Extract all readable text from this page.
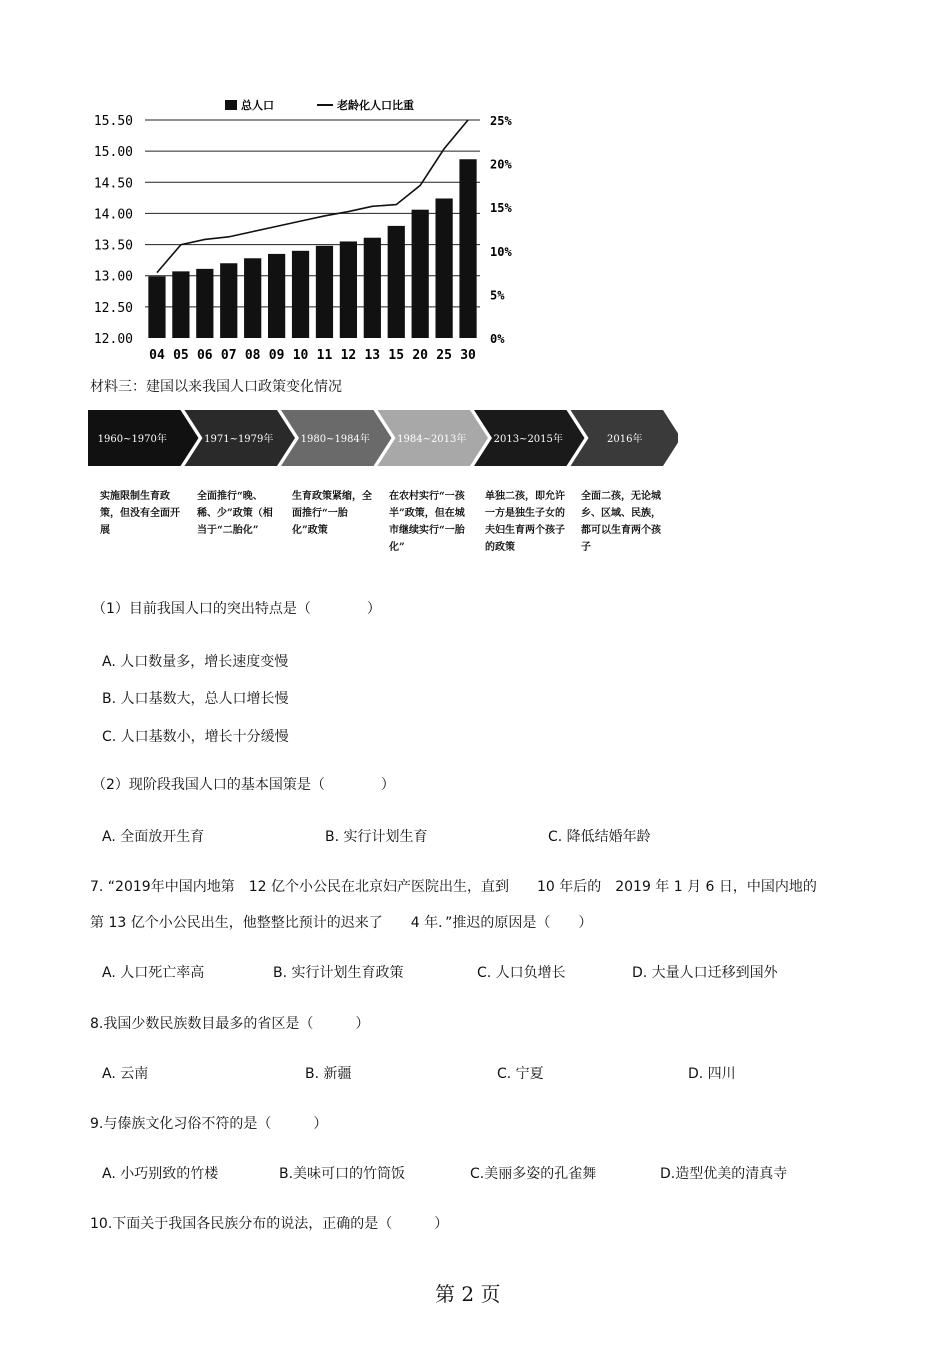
12.00
12.50
13.00
13.50
14.00
14.50
15.00
15.50
0%
5%
10%
15%
20%
25%
04 05 06 07 08 09 10 11 12 13 15 20 25 30
总人口	老龄化人口比重
材料三：建国以来我国人口政策变化情况
1960~1970年	1971~1979年	1980~1984年	1984~2013年	2013~2015年	2016年
实施限制生育政策，但没有全面开展
全面推行“晚、稀、少”政策（相当于“二胎化”
生育政策紧缩，全面推行“一胎化”政策
在农村实行“一孩半”政策，但在城市继续实行“一胎化”
单独二孩，即允许一方是独生子女的夫妇生育两个孩子的政策
全面二孩，无论城乡、区域、民族，都可以生育两个孩子
（1）目前我国人口的突出特点是（　　　　）
A. 人口数量多，增长速度变慢
B. 人口基数大，总人口增长慢
C. 人口基数小，增长十分缓慢
（2）现阶段我国人口的基本国策是（　　　　）
A. 全面放开生育	B. 实行计划生育	C. 降低结婚年龄
7. “2019年中国内地第　12 亿个小公民在北京妇产医院出生，直到　　10 年后的　2019 年 1 月 6 日，中国内地的
第 13 亿个小公民出生，他整整比预计的迟来了　　4 年．”推迟的原因是（　　）
A. 人口死亡率高	B. 实行计划生育政策	C. 人口负增长	D. 大量人口迁移到国外
8.我国少数民族数目最多的省区是（　　　）
A. 云南	B. 新疆	C. 宁夏	D. 四川
9.与傣族文化习俗不符的是（　　　）
A. 小巧别致的竹楼	B.美味可口的竹筒饭	C.美丽多姿的孔雀舞	D.造型优美的清真寺
10.下面关于我国各民族分布的说法，正确的是（　　　）
第 2 页
